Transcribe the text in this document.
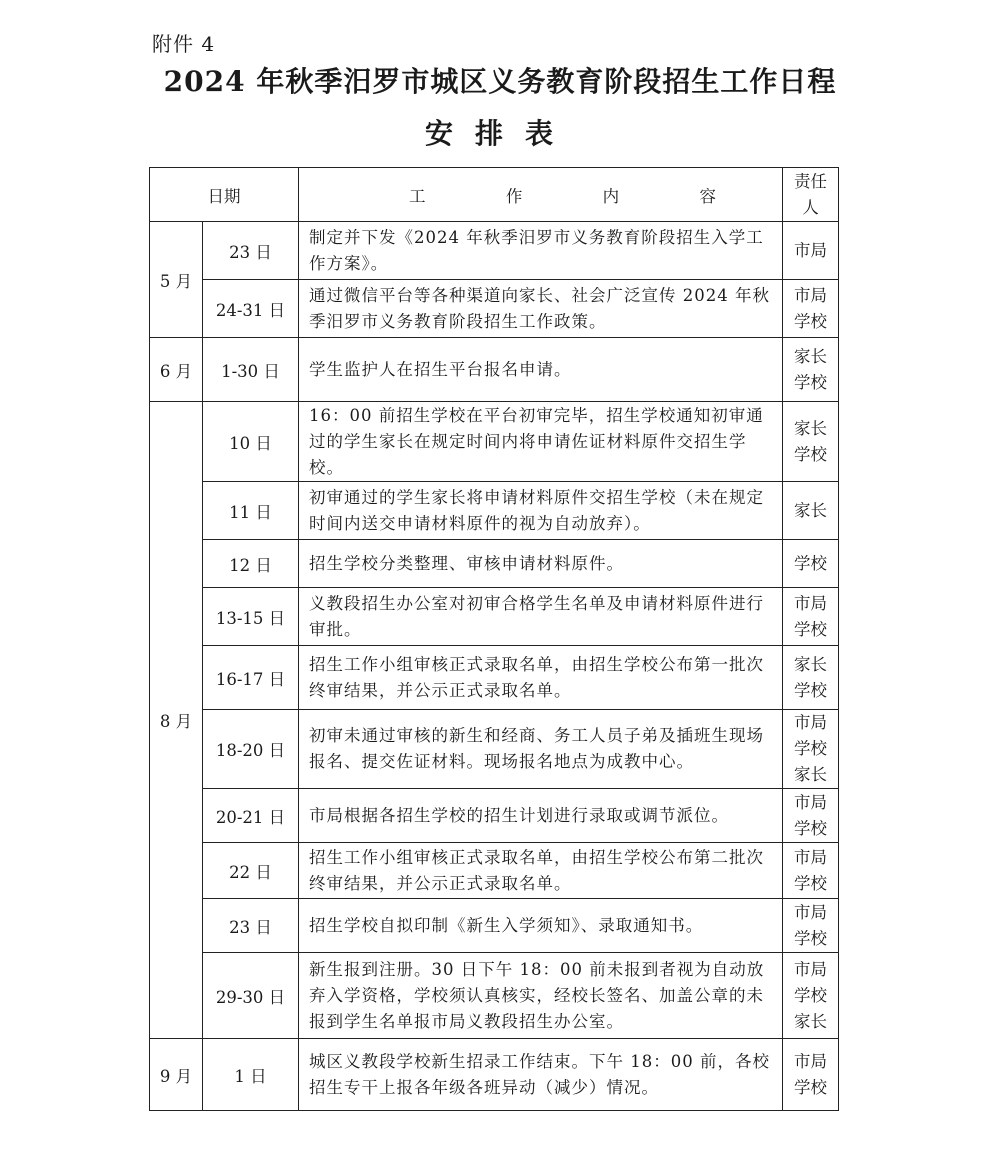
附件 4
2024 年秋季汨罗市城区义务教育阶段招生工作日程
安排表
日期		工 作 内 容	责任
人

5 月	23 日	制定并下发《2024 年秋季汨罗市义务教育阶段招生入学工作方案》。	市局

	24-31 日	通过微信平台等各种渠道向家长、社会广泛宣传 2024 年秋季汨罗市义务教育阶段招生工作政策。	市局
学校

6 月	1-30 日	学生监护人在招生平台报名申请。	家长
学校

8 月	10 日	16：00 前招生学校在平台初审完毕，招生学校通知初审通过的学生家长在规定时间内将申请佐证材料原件交招生学校。	家长
学校

	11 日	初审通过的学生家长将申请材料原件交招生学校（未在规定时间内送交申请材料原件的视为自动放弃）。	家长

	12 日	招生学校分类整理、审核申请材料原件。	学校

	13-15 日	义教段招生办公室对初审合格学生名单及申请材料原件进行审批。	市局
学校

	16-17 日	招生工作小组审核正式录取名单，由招生学校公布第一批次终审结果，并公示正式录取名单。	家长
学校

	18-20 日	初审未通过审核的新生和经商、务工人员子弟及插班生现场报名、提交佐证材料。现场报名地点为成教中心。	市局
学校
家长

	20-21 日	市局根据各招生学校的招生计划进行录取或调节派位。	市局
学校

	22 日	招生工作小组审核正式录取名单，由招生学校公布第二批次终审结果，并公示正式录取名单。	市局
学校

	23 日	招生学校自拟印制《新生入学须知》、录取通知书。	市局
学校

	29-30 日	新生报到注册。30 日下午 18：00 前未报到者视为自动放弃入学资格，学校须认真核实，经校长签名、加盖公章的未报到学生名单报市局义教段招生办公室。	市局
学校
家长

9 月	1 日	城区义教段学校新生招录工作结束。下午 18：00 前，各校招生专干上报各年级各班异动（减少）情况。	市局
学校
